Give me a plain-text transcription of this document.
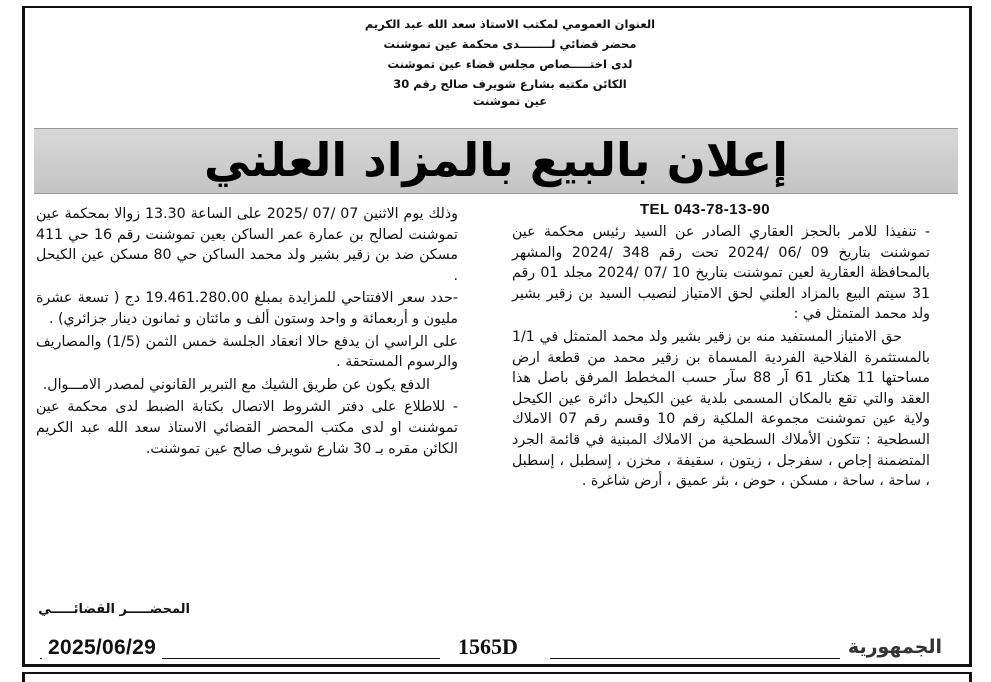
العنوان العمومي لمكتب الاستاذ سعد الله عبد الكريم
محضر قضائي لــــــــدى محكمة عين تموشنت
لدى اختـــــصاص مجلس قضاء عين تموشنت
الكائن مكتبه بشارع شويرف صالح رقم 30
عين تموشنت
إعلان بالبيع بالمزاد العلني
TEL 043-78-13-90

- تنفيذا للامر بالحجز العقاري الصادر عن السيد رئيس محكمة عين تموشنت بتاريخ 09 /06 /2024 تحت رقم 348 /2024 والمشهر بالمحافظة العقارية لعين تموشنت بتاريخ 10 /07 /2024 مجلد 01 رقم 31 سيتم البيع بالمزاد العلني لحق الامتياز لنصيب السيد بن زقير بشير ولد محمد المتمثل في :

حق الامتياز المستفيد منه بن زقير بشير ولد محمد المتمثل في 1/1 بالمستثمرة الفلاحية الفردية المسماة بن زقير محمد من قطعة ارض مساحتها 11 هكتار 61 آر 88 سآر حسب المخطط المرفق باصل هذا العقد والتي تقع بالمكان المسمى بلدية عين الكيحل دائرة عين الكيحل ولاية عين تموشنت مجموعة الملكية رقم 10 وقسم رقم 07 الاملاك السطحية : تتكون الأملاك السطحية من الاملاك المبنية في قائمة الجرد المتضمنة إجاص ، سفرجل ، زيتون ، سقيفة ، مخزن ، إسطبل ، إسطبل ، ساحة ، ساحة ، مسكن ، حوض ، بئر عميق ، أرض شاغرة .

وذلك يوم الاثنين 07 /07 /2025 على الساعة 13.30 زوالا بمحكمة عين تموشنت لصالح بن عمارة عمر الساكن بعين تموشنت رقم 16 حي 411 مسكن ضد بن زقير بشير ولد محمد الساكن حي 80 مسكن عين الكيحل .

-حدد سعر الافتتاحي للمزايدة بمبلغ 19.461.280.00 دج ( تسعة عشرة مليون و أربعمائة و واحد وستون ألف و مائتان و ثمانون دينار جزائري) .

على الراسي ان يدفع حالا انعقاد الجلسة خمس الثمن (1/5) والمصاريف والرسوم المستحقة .

الدفع يكون عن طريق الشيك مع التبرير القانوني لمصدر الامـــوال.

- للاطلاع على دفتر الشروط الاتصال بكتابة الضبط لدى محكمة عين تموشنت او لدى مكتب المحضر القضائي الاستاذ سعد الله عبد الكريم الكائن مقره بـ 30 شارع شويرف صالح عين تموشنت.

المحضـــــر القضائـــــي
2025/06/29	1565D	الجمهورية
